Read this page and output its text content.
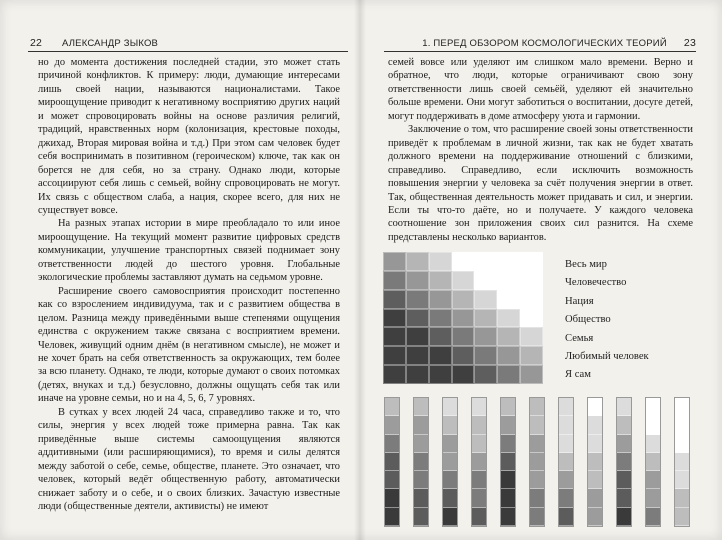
22 АЛЕКСАНДР ЗЫКОВ	1. ПЕРЕД ОБЗОРОМ КОСМОЛОГИЧЕСКИХ ТЕОРИЙ 23

но до момента достижения последней стадии, это может стать причиной конфликтов. К примеру: люди, думающие интересами лишь своей нации, называются националистами. Такое мироощущение приводит к негативному восприятию других наций и может спровоцировать войны на основе различия религий, традиций, нравственных норм (колонизация, крестовые походы, джихад, Вторая мировая война и т.д.) При этом сам человек будет себя воспринимать в позитивном (героическом) ключе, так как он борется не для себя, но за страну. Однако люди, которые ассоциируют себя лишь с семьей, войну спровоцировать не могут. Их связь с обществом слаба, а нация, скорее всего, для них не существует вовсе.

На разных этапах истории в мире преобладало то или иное мироощущение. На текущий момент развитие цифровых средств коммуникации, улучшение транспортных связей поднимает зону ответственности людей до шестого уровня. Глобальные экологические проблемы заставляют думать на седьмом уровне.

Расширение своего самовосприятия происходит постепенно как со взрослением индивидуума, так и с развитием общества в целом. Разница между приведёнными выше степенями ощущения единства с окружением также связана с восприятием времени. Человек, живущий одним днём (в негативном смысле), не может и не хочет брать на себя ответственность за окружающих, тем более за всю планету. Однако, те люди, которые думают о своих потомках (детях, внуках и т.д.) безусловно, должны ощущать себя так или иначе на уровне семьи, но и на 4, 5, 6, 7 уровнях.

В сутках у всех людей 24 часа, справедливо также и то, что силы, энергия у всех людей тоже примерна равна. Так как приведённые выше системы самоощущения являются аддитивными (или расширяющимися), то время и силы делятся между заботой о себе, семье, обществе, планете. Это означает, что человек, который ведёт общественную работу, автоматически снижает заботу и о себе, и о своих близких. Зачастую известные люди (общественные деятели, активисты) не имеют

семей вовсе или уделяют им слишком мало времени. Верно и обратное, что люди, которые ограничивают свою зону ответственности лишь своей семьёй, уделяют ей значительно больше времени. Они могут заботиться о воспитании, досуге детей, могут поддерживать в доме атмосферу уюта и гармонии.

Заключение о том, что расширение своей зоны ответственности приведёт к проблемам в личной жизни, так как не будет хватать должного времени на поддерживание отношений с близкими, справедливо. Справедливо, если исключить возможность повышения энергии у человека за счёт получения энергии в ответ. Так, общественная деятельность может придавать и сил, и энергии. Если ты что-то даёте, но и получаете. У каждого человека соотношение зон приложения своих сил разнится. На схеме представлены несколько вариантов.

Весь мир
Человечество
Нация
Общество
Семья
Любимый человек
Я сам
